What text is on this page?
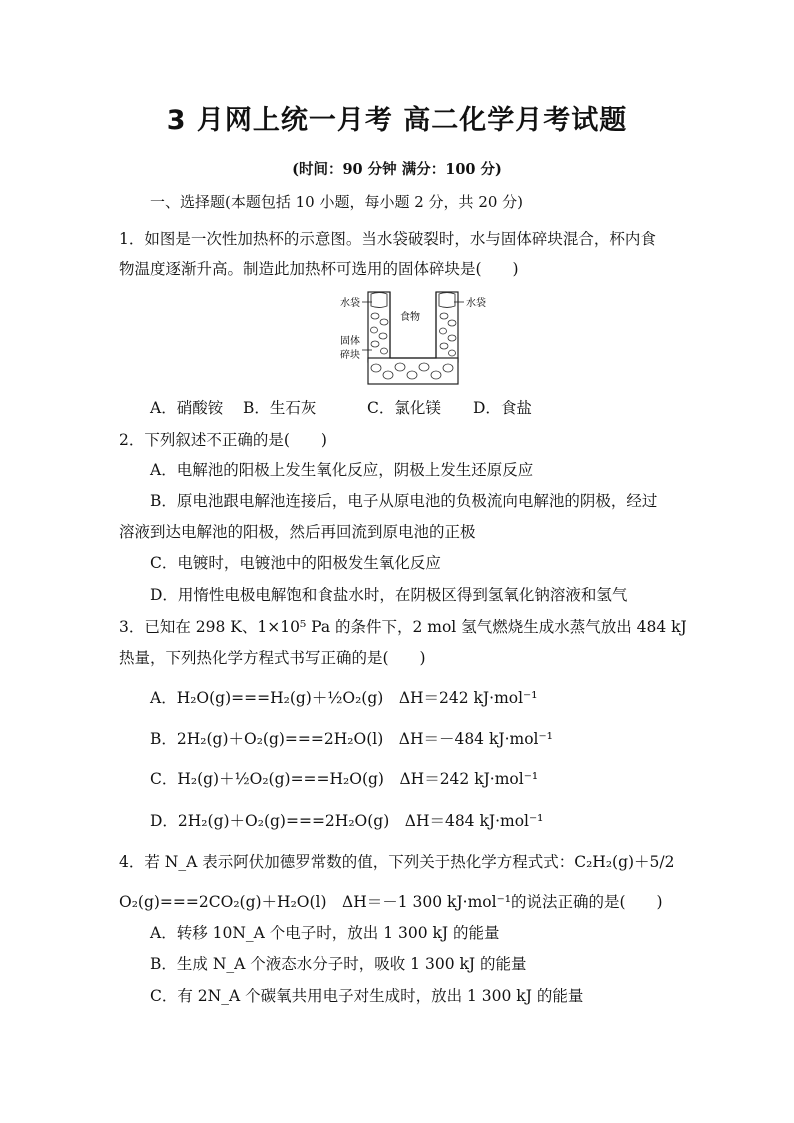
3 月网上统一月考 高二化学月考试题
(时间：90 分钟 满分：100 分)
一、选择题(本题包括 10 小题，每小题 2 分，共 20 分)
1．如图是一次性加热杯的示意图。当水袋破裂时，水与固体碎块混合，杯内食
物温度逐渐升高。制造此加热杯可选用的固体碎块是(　　)
水袋
食物
水袋
固体
碎块
A．硝酸铵 B．生石灰	C．氯化镁 D．食盐
2．下列叙述不正确的是(　　)
A．电解池的阳极上发生氧化反应，阴极上发生还原反应
B．原电池跟电解池连接后，电子从原电池的负极流向电解池的阴极，经过
溶液到达电解池的阳极，然后再回流到原电池的正极
C．电镀时，电镀池中的阳极发生氧化反应
D．用惰性电极电解饱和食盐水时，在阴极区得到氢氧化钠溶液和氢气
3．已知在 298 K、1×10⁵ Pa 的条件下，2 mol 氢气燃烧生成水蒸气放出 484 kJ
热量，下列热化学方程式书写正确的是(　　)
A．H₂O(g)===H₂(g)＋½O₂(g)　ΔH＝242 kJ·mol⁻¹
B．2H₂(g)＋O₂(g)===2H₂O(l)　ΔH＝－484 kJ·mol⁻¹
C．H₂(g)＋½O₂(g)===H₂O(g)　ΔH＝242 kJ·mol⁻¹
D．2H₂(g)＋O₂(g)===2H₂O(g)　ΔH＝484 kJ·mol⁻¹
4．若 N_A 表示阿伏加德罗常数的值，下列关于热化学方程式式：C₂H₂(g)＋5/2
O₂(g)===2CO₂(g)＋H₂O(l)　ΔH＝－1 300 kJ·mol⁻¹的说法正确的是(　　)
A．转移 10N_A 个电子时，放出 1 300 kJ 的能量
B．生成 N_A 个液态水分子时，吸收 1 300 kJ 的能量
C．有 2N_A 个碳氧共用电子对生成时，放出 1 300 kJ 的能量
